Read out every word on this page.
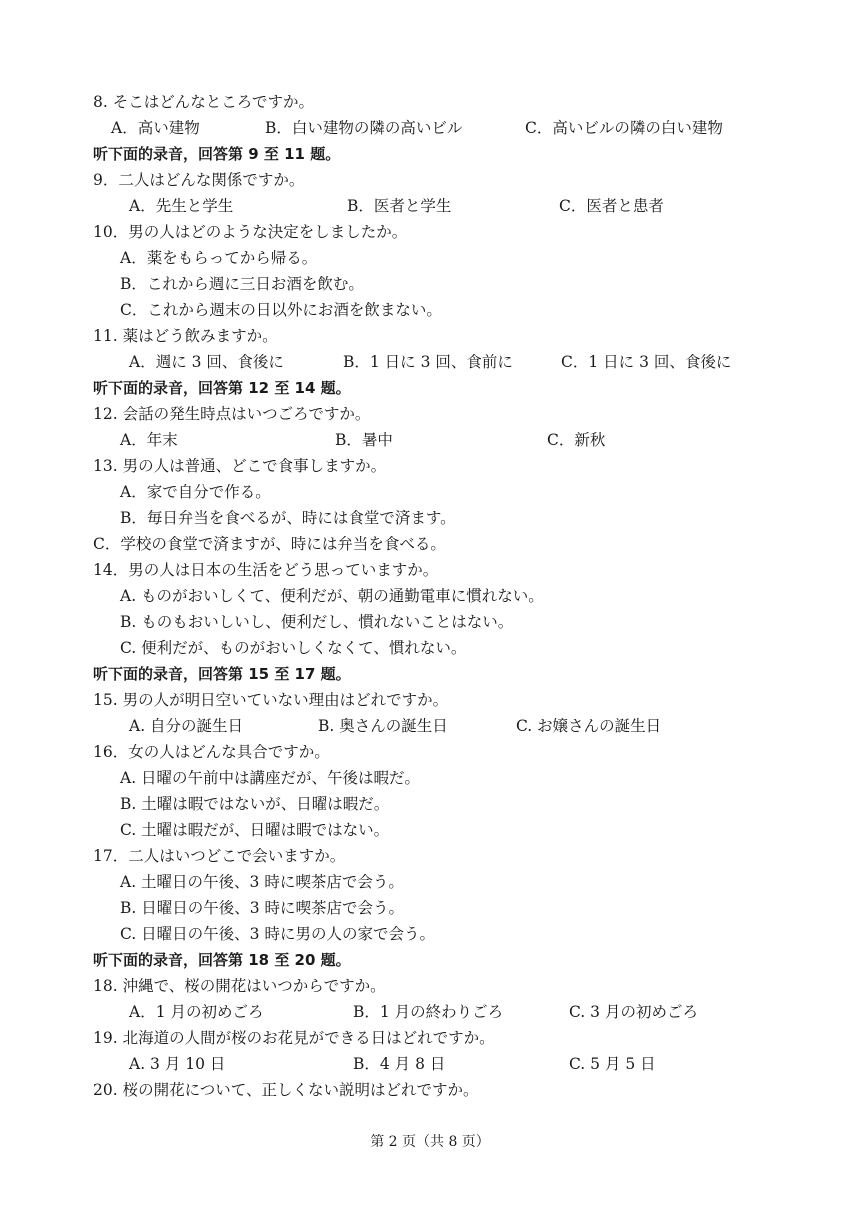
8. そこはどんなところですか。
A．高い建物	B．白い建物の隣の高いビル	C．高いビルの隣の白い建物
听下面的录音，回答第 9 至 11 题。
9．二人はどんな関係ですか。
A．先生と学生	B．医者と学生	C．医者と患者
10．男の人はどのような決定をしましたか。
A．薬をもらってから帰る。
B．これから週に三日お酒を飲む。
C．これから週末の日以外にお酒を飲まない。
11. 薬はどう飲みますか。
A．週に 3 回、食後に	B．1 日に 3 回、食前に	C．1 日に 3 回、食後に
听下面的录音，回答第 12 至 14 题。
12. 会話の発生時点はいつごろですか。
A．年末	B．暑中	C．新秋
13. 男の人は普通、どこで食事しますか。
A．家で自分で作る。
B．毎日弁当を食べるが、時には食堂で済ます。
C．学校の食堂で済ますが、時には弁当を食べる。
14．男の人は日本の生活をどう思っていますか。
A. ものがおいしくて、便利だが、朝の通勤電車に慣れない。
B. ものもおいしいし、便利だし、慣れないことはない。
C. 便利だが、ものがおいしくなくて、慣れない。
听下面的录音，回答第 15 至 17 题。
15. 男の人が明日空いていない理由はどれですか。
A. 自分の誕生日	B. 奥さんの誕生日	C. お嬢さんの誕生日
16．女の人はどんな具合ですか。
A. 日曜の午前中は講座だが、午後は暇だ。
B. 土曜は暇ではないが、日曜は暇だ。
C. 土曜は暇だが、日曜は暇ではない。
17．二人はいつどこで会いますか。
A. 土曜日の午後、3 時に喫茶店で会う。
B. 日曜日の午後、3 時に喫茶店で会う。
C. 日曜日の午後、3 時に男の人の家で会う。
听下面的录音，回答第 18 至 20 题。
18. 沖縄で、桜の開花はいつからですか。
A．1 月の初めごろ	B．1 月の終わりごろ	C. 3 月の初めごろ
19. 北海道の人間が桜のお花見ができる日はどれですか。
A. 3 月 10 日	B．4 月 8 日	C. 5 月 5 日
20. 桜の開花について、正しくない説明はどれですか。
第 2 页（共 8 页）
